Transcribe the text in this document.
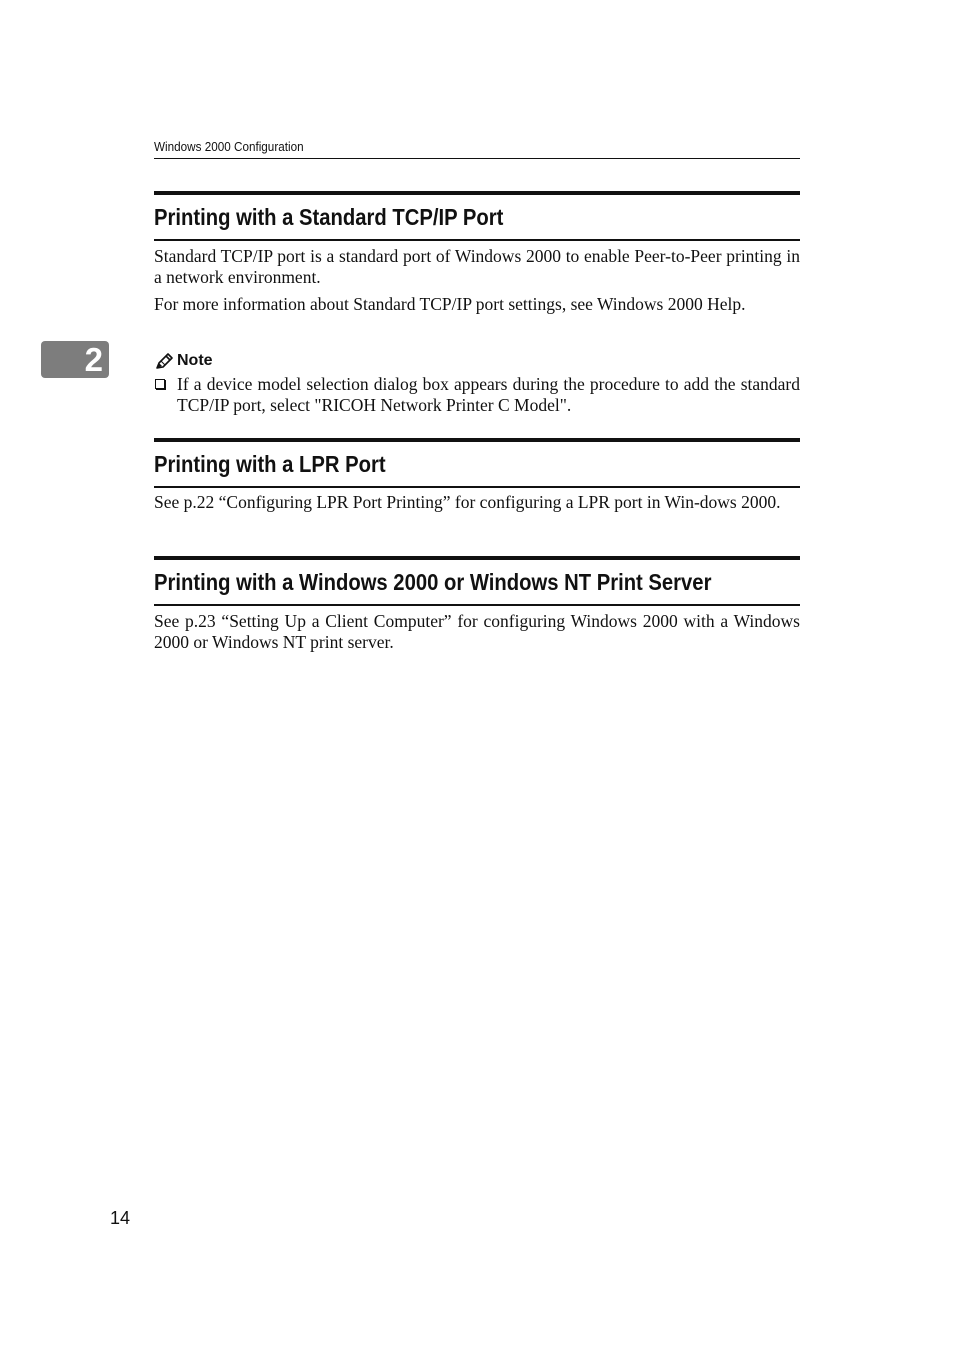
Windows 2000 Configuration
2
Printing with a Standard TCP/IP Port

Standard TCP/IP port is a standard port of Windows 2000 to enable Peer-to-Peer printing in a network environment.

For more information about Standard TCP/IP port settings, see Windows 2000 Help.

Note

If a device model selection dialog box appears during the procedure to add the standard TCP/IP port, select "RICOH Network Printer C Model".

Printing with a LPR Port

See p.22 “Configuring LPR Port Printing” for configuring a LPR port in Win-dows 2000.

Printing with a Windows 2000 or Windows NT Print Server

See p.23 “Setting Up a Client Computer” for configuring Windows 2000 with a Windows 2000 or Windows NT print server.

14
